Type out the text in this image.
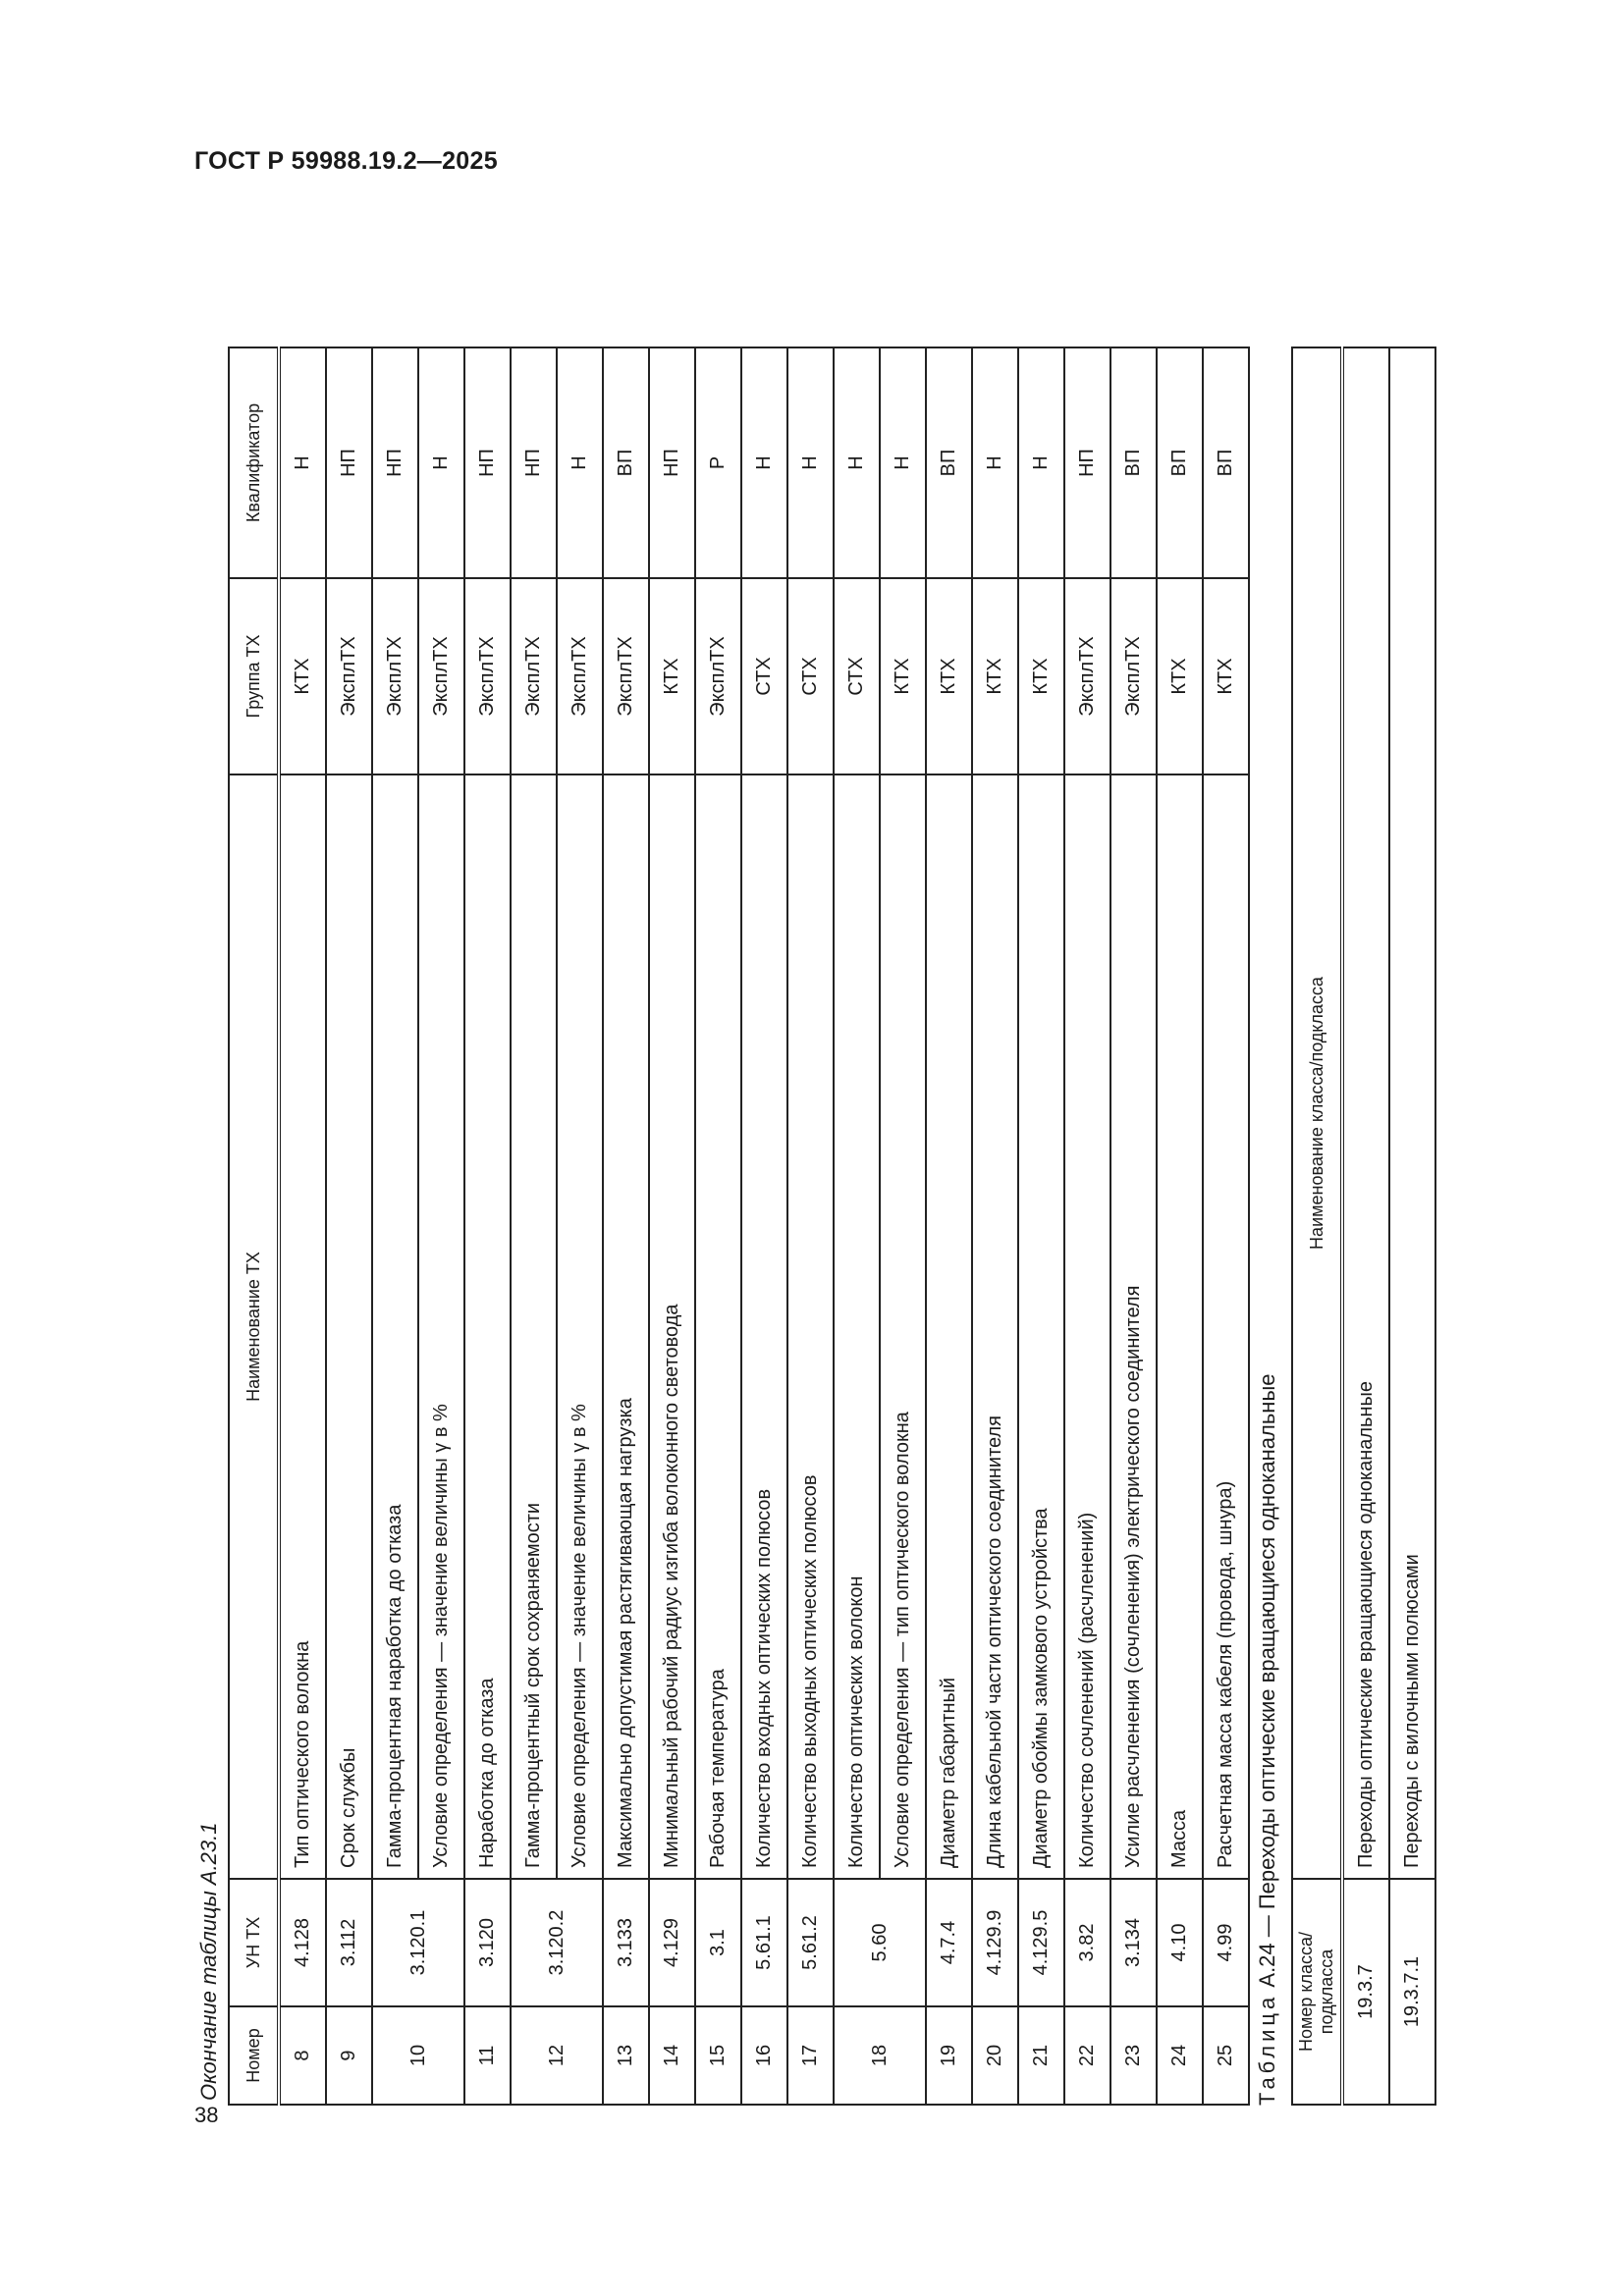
ГОСТ Р 59988.19.2—2025
38
Окончание таблицы А.23.1 Номер	УН ТХ	Наименование ТХ	Группа ТХ	Квалификатор
8	4.128	Тип оптического волокна	КТХ	Н
9	3.112	Срок службы	ЭксплТХ	НП
10	3.120.1	Гамма-процентная наработка до отказа	ЭксплТХ	НП
		Условие определения — значение величины γ в %	ЭксплТХ	Н
11	3.120	Наработка до отказа	ЭксплТХ	НП
12	3.120.2	Гамма-процентный срок сохраняемости	ЭксплТХ	НП
		Условие определения — значение величины γ в %	ЭксплТХ	Н
13	3.133	Максимально допустимая растягивающая нагрузка	ЭксплТХ	ВП
14	4.129	Минимальный рабочий радиус изгиба волоконного световода	КТХ	НП
15	3.1	Рабочая температура	ЭксплТХ	Р
16	5.61.1	Количество входных оптических полюсов	СТХ	Н
17	5.61.2	Количество выходных оптических полюсов	СТХ	Н
18	5.60	Количество оптических волокон	СТХ	Н
		Условие определения — тип оптического волокна	КТХ	Н
19	4.7.4	Диаметр габаритный	КТХ	ВП
20	4.129.9	Длина кабельной части оптического соединителя	КТХ	Н
21	4.129.5	Диаметр обоймы замкового устройства	КТХ	Н
22	3.82	Количество сочленений (расчленений)	ЭксплТХ	НП
23	3.134	Усилие расчленения (сочленения) электрического соединителя	ЭксплТХ	ВП
24	4.10	Масса	КТХ	ВП
25	4.99	Расчетная масса кабеля (провода, шнура)	КТХ	ВП
Таблица А.24 — Переходы оптические вращающиеся одноканальные
Номер класса/подкласса	Наименование класса/подкласса
19.3.7	Переходы оптические вращающиеся одноканальные
19.3.7.1	Переходы с вилочными полюсами
